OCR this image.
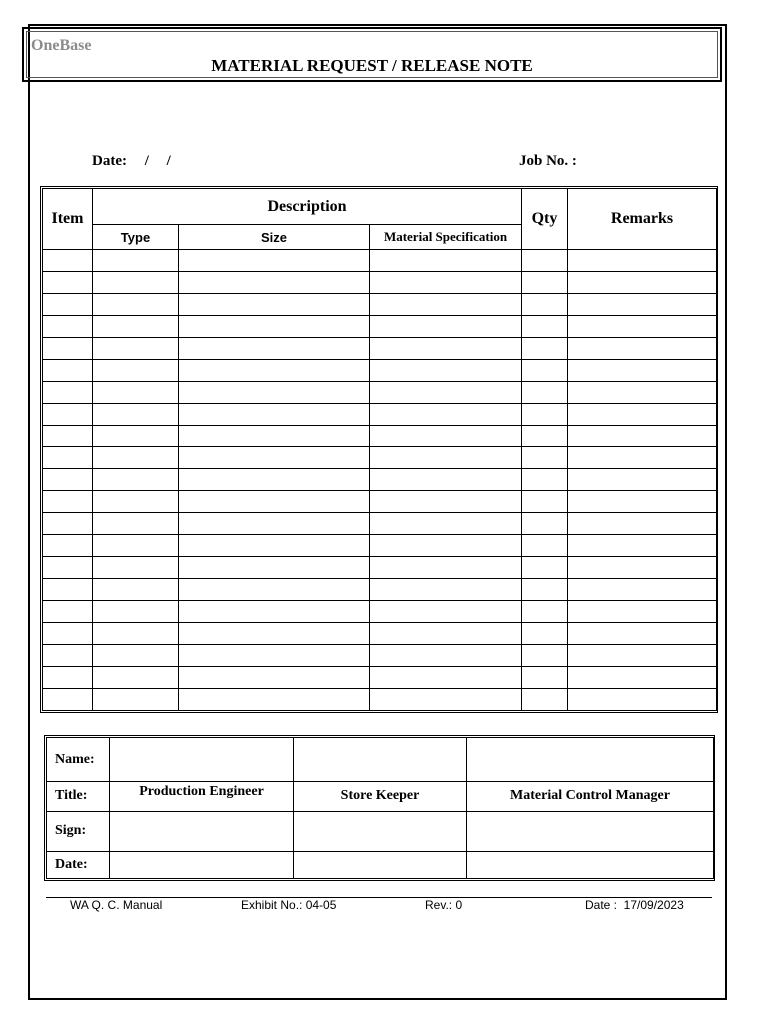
OneBase
MATERIAL REQUEST / RELEASE NOTE
Date: / /	Job No. :
Item	Description			Qty	Remarks
	Type	Size	Material Specification		

Name:			
Title:	Production Engineer	Store Keeper	Material Control Manager
Sign:			
Date:			
WA Q. C. Manual	Exhibit No.: 04-05	Rev.: 0	Date :  17/09/2023
